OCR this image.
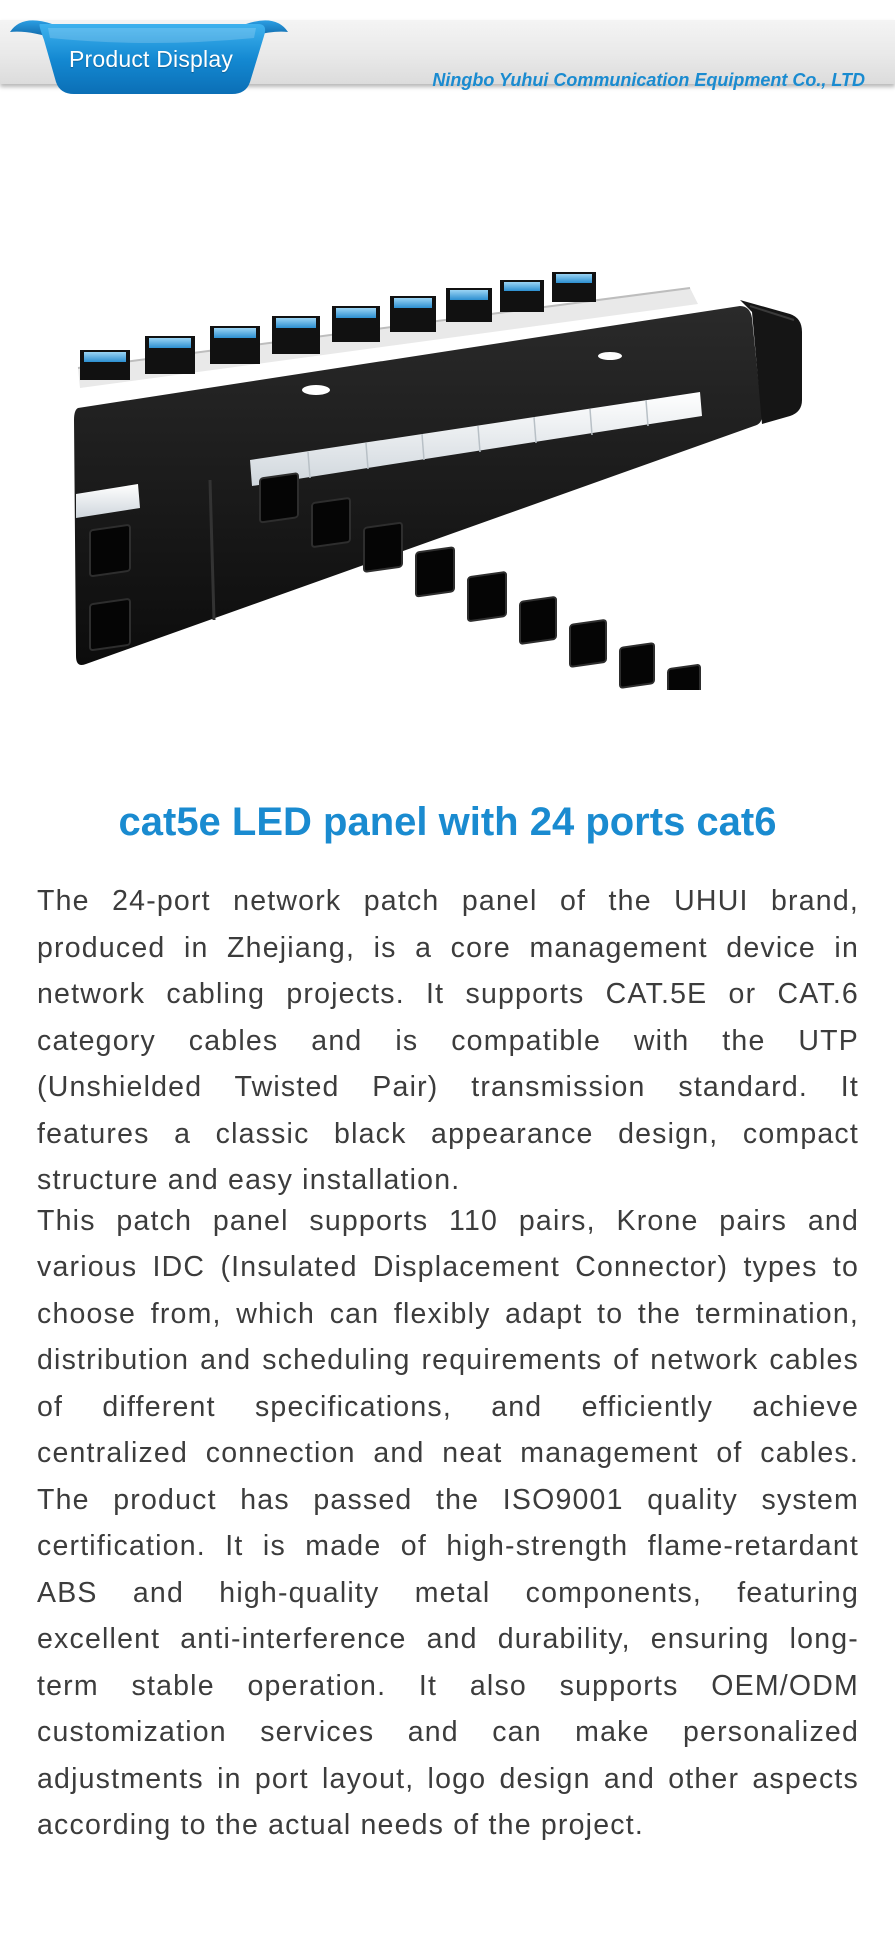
Product Display
Ningbo Yuhui Communication Equipment Co., LTD
cat5e LED panel with 24 ports cat6

The 24-port network patch panel of the UHUI brand, produced in Zhejiang, is a core management device in network cabling projects. It supports CAT.5E or CAT.6 category cables and is compatible with the UTP (Unshielded Twisted Pair) transmission standard. It features a classic black appearance design, compact structure and easy installation.

This patch panel supports 110 pairs, Krone pairs and various IDC (Insulated Displacement Connector) types to choose from, which can flexibly adapt to the termination, distribution and scheduling requirements of network cables of different specifications, and efficiently achieve centralized connection and neat management of cables. The product has passed the ISO9001 quality system certification. It is made of high-strength flame-retardant ABS and high-quality metal components, featuring excellent anti-interference and durability, ensuring long-term stable operation. It also supports OEM/ODM customization services and can make personalized adjustments in port layout, logo design and other aspects according to the actual needs of the project.
